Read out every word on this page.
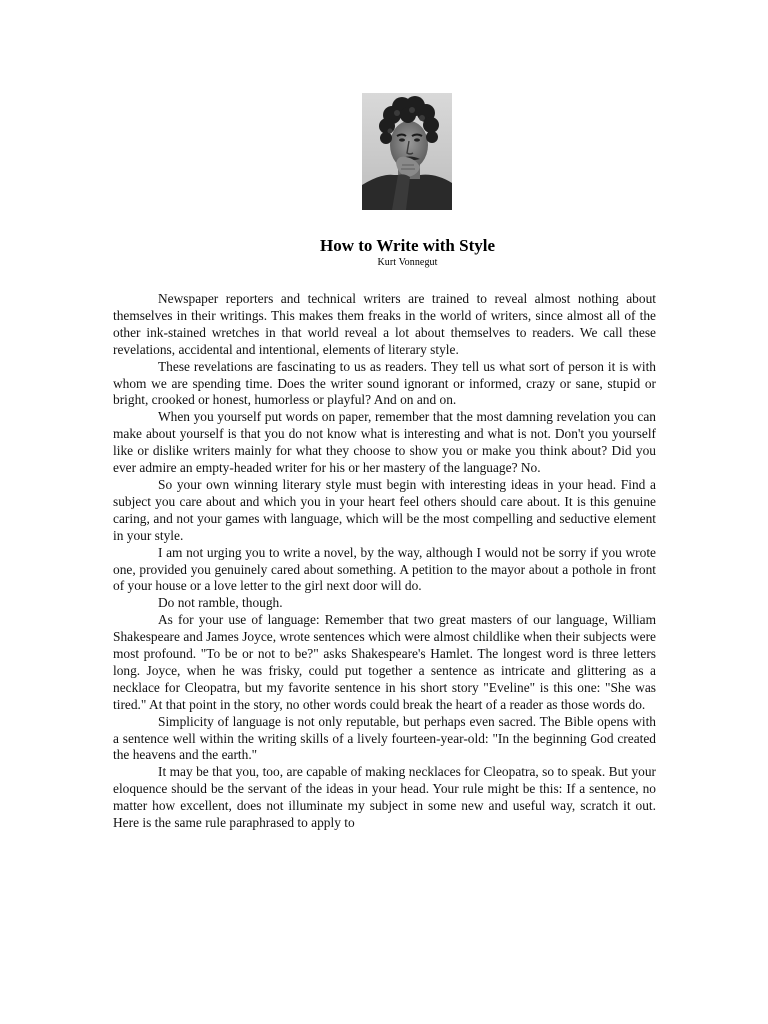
How to Write with Style
Kurt Vonnegut

Newspaper reporters and technical writers are trained to reveal almost nothing about themselves in their writings. This makes them freaks in the world of writers, since almost all of the other ink-stained wretches in that world reveal a lot about themselves to readers. We call these revelations, accidental and intentional, elements of literary style.

These revelations are fascinating to us as readers. They tell us what sort of person it is with whom we are spending time. Does the writer sound ignorant or informed, crazy or sane, stupid or bright, crooked or honest, humorless or playful? And on and on.

When you yourself put words on paper, remember that the most damning revelation you can make about yourself is that you do not know what is interesting and what is not. Don't you yourself like or dislike writers mainly for what they choose to show you or make you think about? Did you ever admire an empty-headed writer for his or her mastery of the language? No.

So your own winning literary style must begin with interesting ideas in your head. Find a subject you care about and which you in your heart feel others should care about. It is this genuine caring, and not your games with language, which will be the most compelling and seductive element in your style.

I am not urging you to write a novel, by the way, although I would not be sorry if you wrote one, provided you genuinely cared about something. A petition to the mayor about a pothole in front of your house or a love letter to the girl next door will do.

Do not ramble, though.

As for your use of language: Remember that two great masters of our language, William Shakespeare and James Joyce, wrote sentences which were almost childlike when their subjects were most profound. "To be or not to be?" asks Shakespeare's Hamlet. The longest word is three letters long. Joyce, when he was frisky, could put together a sentence as intricate and glittering as a necklace for Cleopatra, but my favorite sentence in his short story "Eveline" is this one: "She was tired." At that point in the story, no other words could break the heart of a reader as those words do.

Simplicity of language is not only reputable, but perhaps even sacred. The Bible opens with a sentence well within the writing skills of a lively fourteen-year-old: "In the beginning God created the heavens and the earth."

It may be that you, too, are capable of making necklaces for Cleopatra, so to speak. But your eloquence should be the servant of the ideas in your head. Your rule might be this: If a sentence, no matter how excellent, does not illuminate my subject in some new and useful way, scratch it out. Here is the same rule paraphrased to apply to
